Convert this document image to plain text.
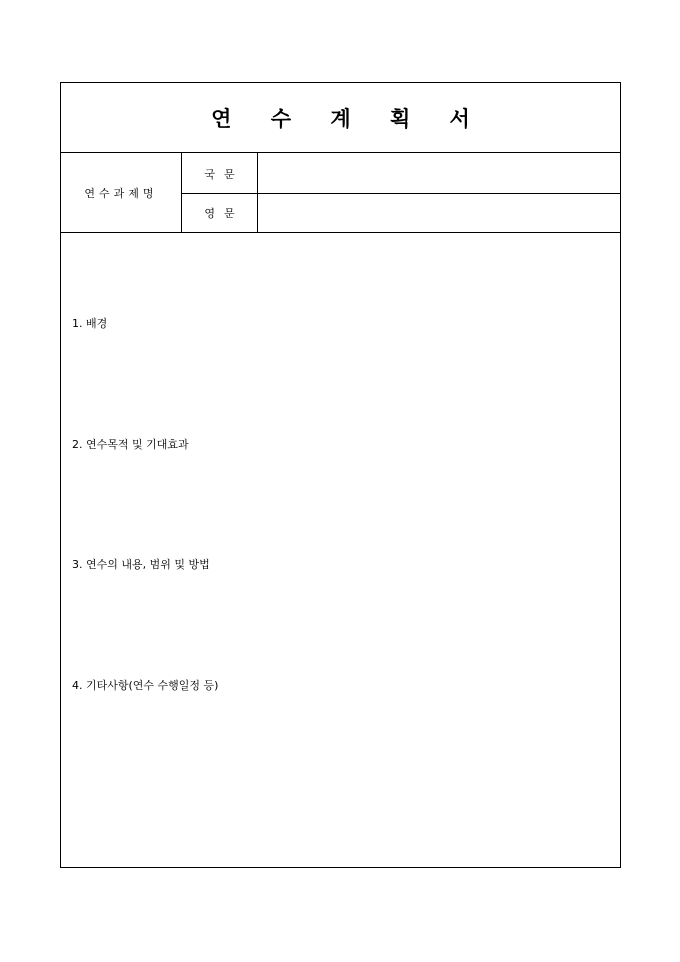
연 수 계 획 서
연수과제명
국문
영문
1. 배경
2. 연수목적 및 기대효과
3. 연수의 내용, 범위 및 방법
4. 기타사항(연수 수행일정 등)
